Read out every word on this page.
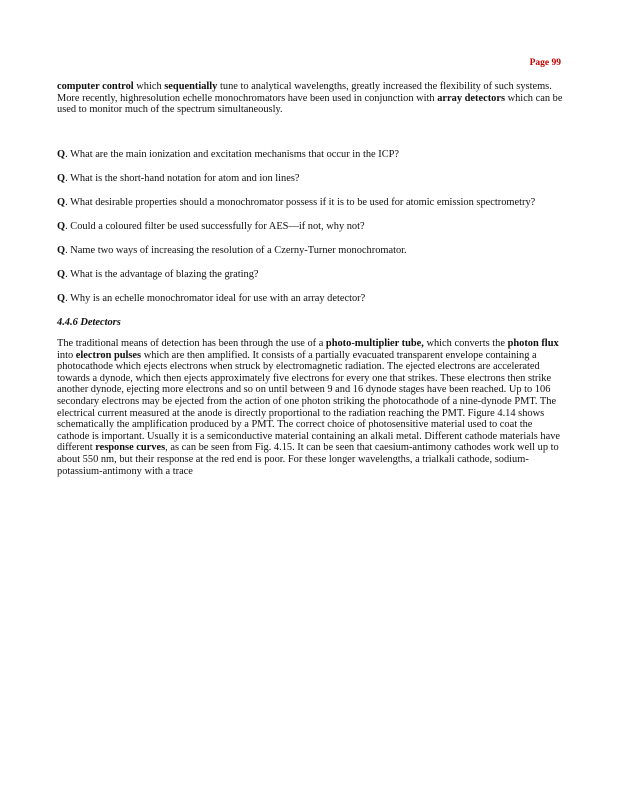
Page 99

computer control which sequentially tune to analytical wavelengths, greatly increased the flexibility of such systems. More recently, highresolution echelle monochromators have been used in conjunction with array detectors which can be used to monitor much of the spectrum simultaneously.

Q. What are the main ionization and excitation mechanisms that occur in the ICP?

Q. What is the short-hand notation for atom and ion lines?

Q. What desirable properties should a monochromator possess if it is to be used for atomic emission spectrometry?

Q. Could a coloured filter be used successfully for AES—if not, why not?

Q. Name two ways of increasing the resolution of a Czerny-Turner monochromator.

Q. What is the advantage of blazing the grating?

Q. Why is an echelle monochromator ideal for use with an array detector?

4.4.6 Detectors

The traditional means of detection has been through the use of a photo-multiplier tube, which converts the photon flux into electron pulses which are then amplified. It consists of a partially evacuated transparent envelope containing a photocathode which ejects electrons when struck by electromagnetic radiation. The ejected electrons are accelerated towards a dynode, which then ejects approximately five electrons for every one that strikes. These electrons then strike another dynode, ejecting more electrons and so on until between 9 and 16 dynode stages have been reached. Up to 106 secondary electrons may be ejected from the action of one photon striking the photocathode of a nine-dynode PMT. The electrical current measured at the anode is directly proportional to the radiation reaching the PMT. Figure 4.14 shows schematically the amplification produced by a PMT. The correct choice of photosensitive material used to coat the cathode is important. Usually it is a semiconductive material containing an alkali metal. Different cathode materials have different response curves, as can be seen from Fig. 4.15. It can be seen that caesium-antimony cathodes work well up to about 550 nm, but their response at the red end is poor. For these longer wavelengths, a trialkali cathode, sodium-potassium-antimony with a trace
